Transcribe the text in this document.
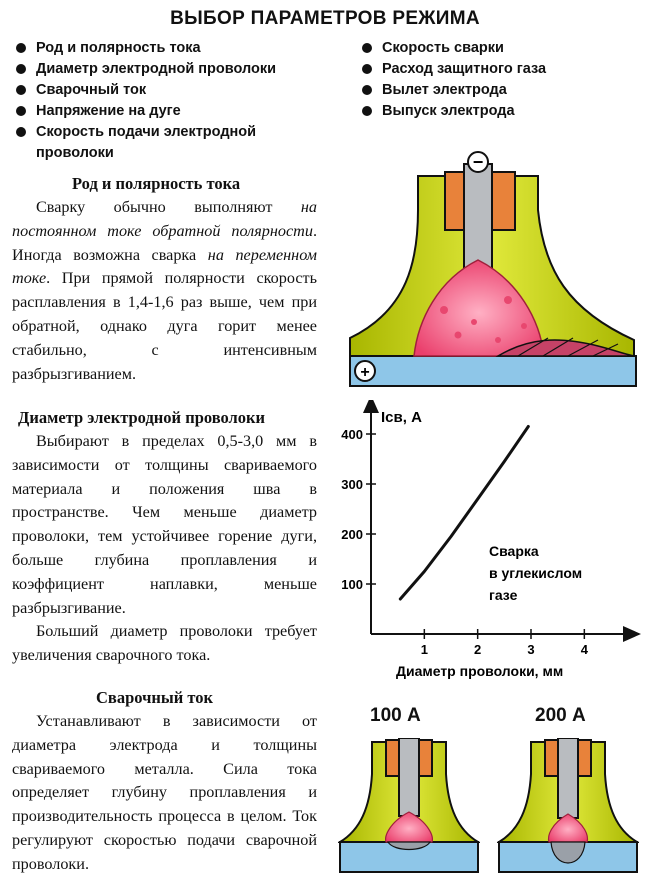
ВЫБОР ПАРАМЕТРОВ РЕЖИМА
Род и полярность тока
Диаметр электродной проволоки
Сварочный ток
Напряжение на дуге
Скорость подачи электродной проволоки
Скорость сварки
Расход защитного газа
Вылет электрода
Выпуск электрода
Род и полярность тока
Сварку обычно выполняют на постоянном токе обратной полярности. Иногда возможна сварка на переменном токе. При прямой полярности скорость расплавления в 1,4-1,6 раз выше, чем при обратной, однако дуга горит менее стабильно, с интенсивным разбрызгиванием.
Диаметр электродной проволоки

Выбирают в пределах 0,5-3,0 мм в зависимости от толщины свариваемого материала и положения шва в пространстве. Чем меньше диаметр проволоки, тем устойчивее горение дуги, больше глубина проплавления и коэффициент наплавки, меньше разбрызгивание.

Больший диаметр проволоки требует увеличения сварочного тока.

Сварочный ток
Устанавливают в зависимости от диаметра электрода и толщины свариваемого металла. Сила тока определяет глубину проплавления и производительность процесса в целом. Ток регулируют скоростью подачи сварочной проволоки.
−
+
100
200
300
400
1	2	3	4
Iсв, А
Диаметр проволоки, мм
Сварка
в углекислом
газе
100 А	200 А
